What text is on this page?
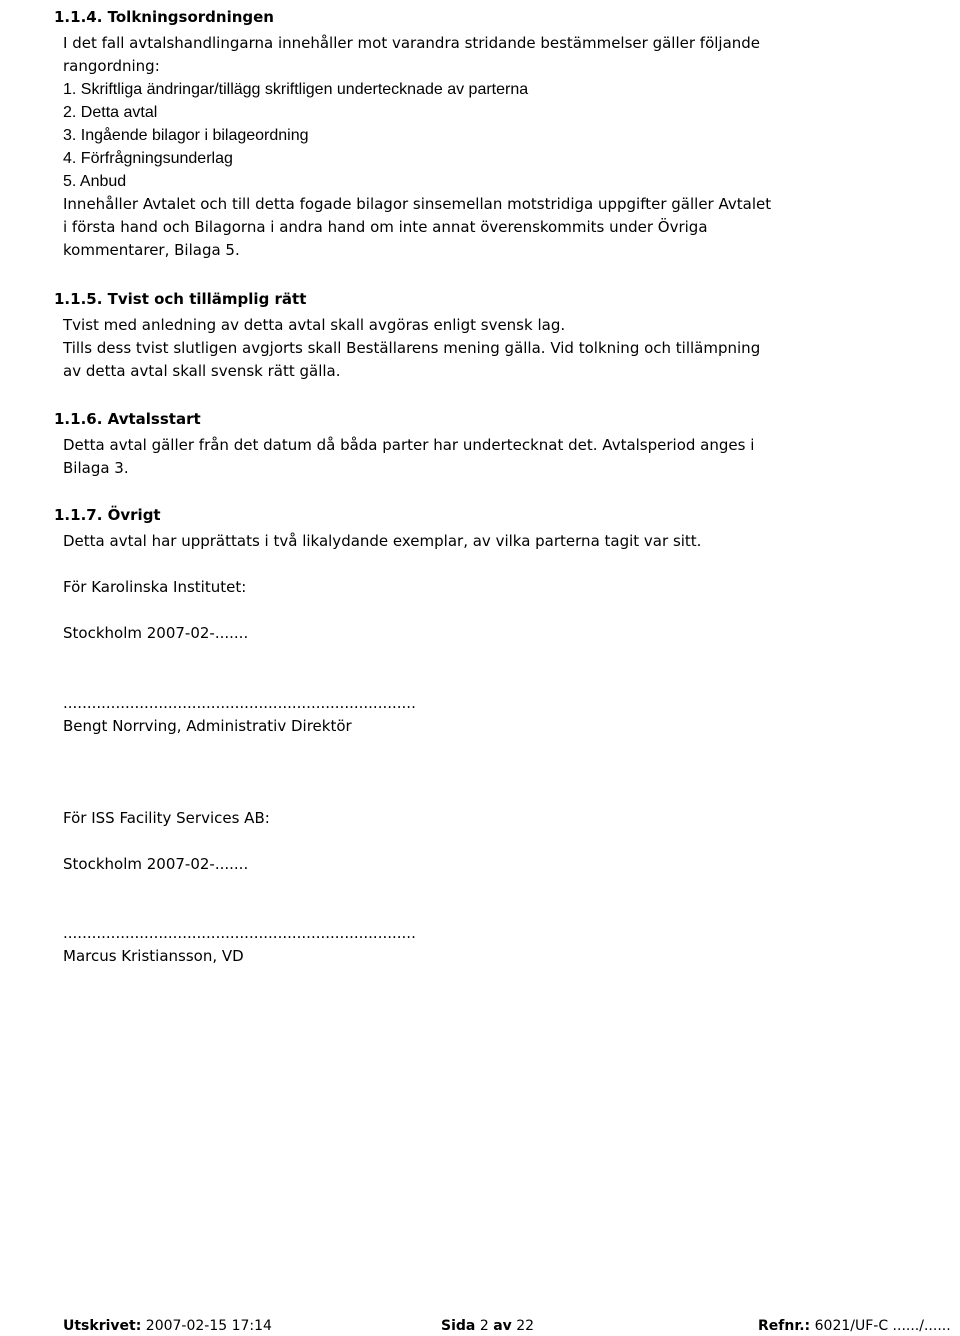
1.1.4. Tolkningsordningen
I det fall avtalshandlingarna innehåller mot varandra stridande bestämmelser gäller följande
rangordning:
1. Skriftliga ändringar/tillägg skriftligen undertecknade av parterna
2. Detta avtal
3. Ingående bilagor i bilageordning
4. Förfrågningsunderlag
5. Anbud
Innehåller Avtalet och till detta fogade bilagor sinsemellan motstridiga uppgifter gäller Avtalet
i första hand och Bilagorna i andra hand om inte annat överenskommits under Övriga
kommentarer, Bilaga 5.
1.1.5. Tvist och tillämplig rätt
Tvist med anledning av detta avtal skall avgöras enligt svensk lag.
Tills dess tvist slutligen avgjorts skall Beställarens mening gälla. Vid tolkning och tillämpning
av detta avtal skall svensk rätt gälla.
1.1.6. Avtalsstart
Detta avtal gäller från det datum då båda parter har undertecknat det. Avtalsperiod anges i
Bilaga 3.
1.1.7. Övrigt
Detta avtal har upprättats i två likalydande exemplar, av vilka parterna tagit var sitt.
För Karolinska Institutet:
Stockholm 2007-02-.......
..........................................................................
Bengt Norrving, Administrativ Direktör
För ISS Facility Services AB:
Stockholm 2007-02-.......
..........................................................................
Marcus Kristiansson, VD
Utskrivet: 2007-02-15 17:14	Sida 2 av 22	Refnr.: 6021/UF-C ....../......
